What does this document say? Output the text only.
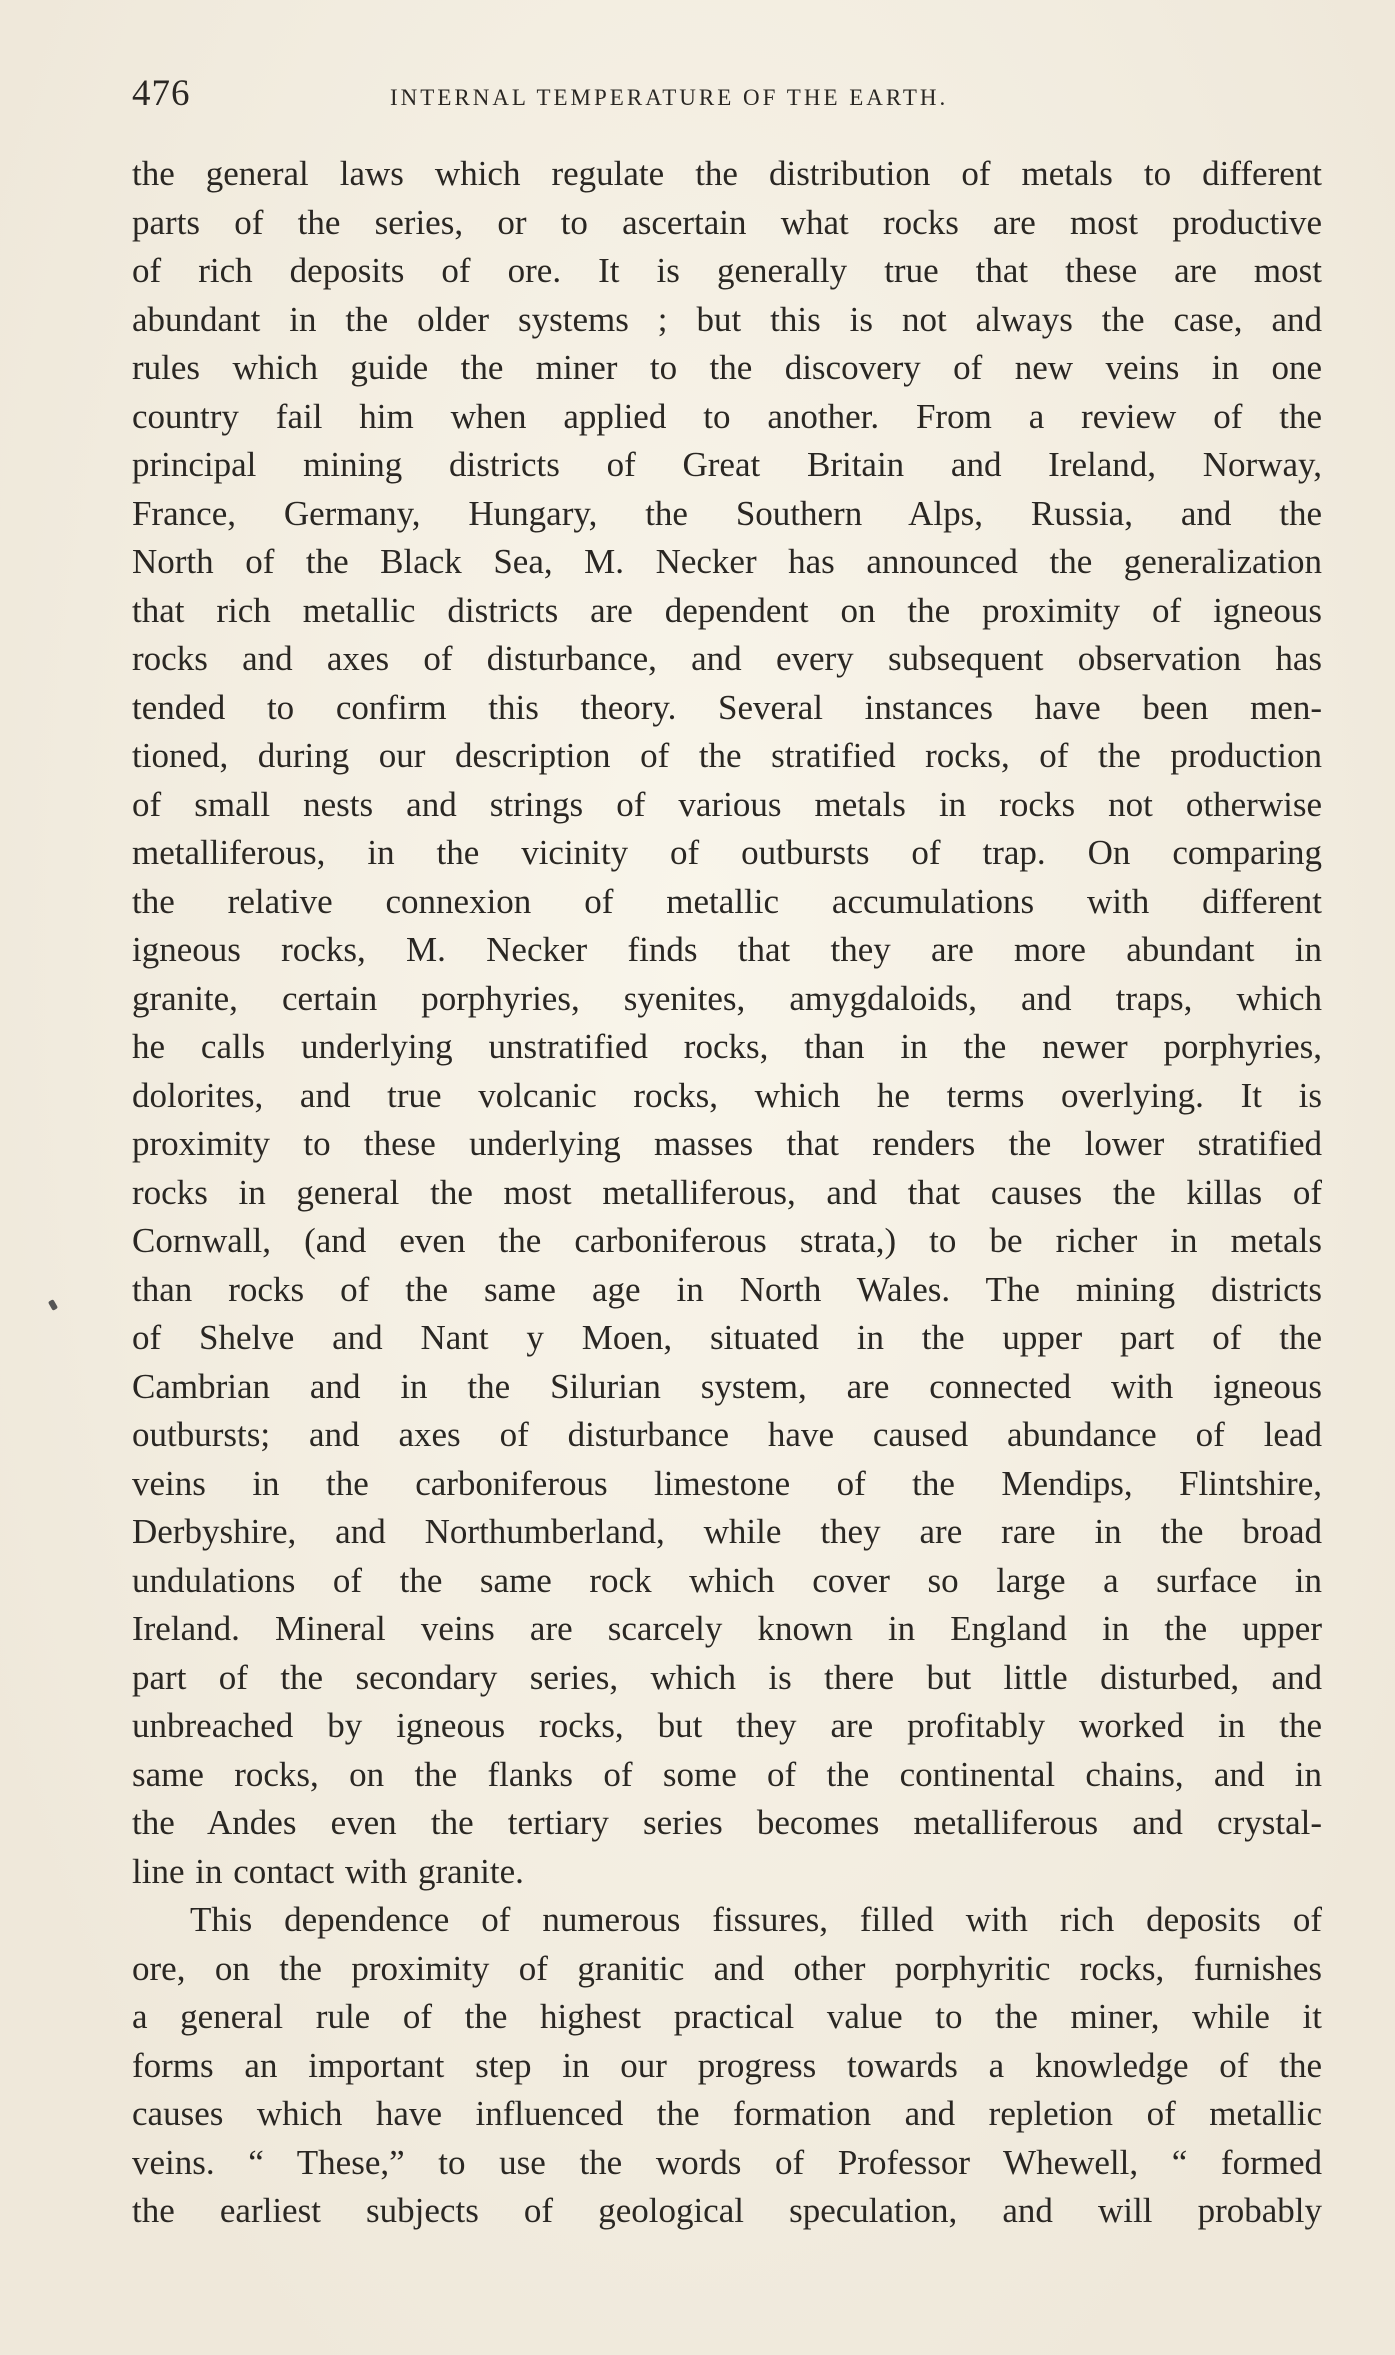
476	INTERNAL TEMPERATURE OF THE EARTH.
the general laws which regulate the distribution of metals to different
parts of the series, or to ascertain what rocks are most productive
of rich deposits of ore. It is generally true that these are most
abundant in the older systems ; but this is not always the case, and
rules which guide the miner to the discovery of new veins in one
country fail him when applied to another. From a review of the
principal mining districts of Great Britain and Ireland, Norway,
France, Germany, Hungary, the Southern Alps, Russia, and the
North of the Black Sea, M. Necker has announced the generalization
that rich metallic districts are dependent on the proximity of igneous
rocks and axes of disturbance, and every subsequent observation has
tended to confirm this theory. Several instances have been men-
tioned, during our description of the stratified rocks, of the production
of small nests and strings of various metals in rocks not otherwise
metalliferous, in the vicinity of outbursts of trap. On comparing
the relative connexion of metallic accumulations with different
igneous rocks, M. Necker finds that they are more abundant in
granite, certain porphyries, syenites, amygdaloids, and traps, which
he calls underlying unstratified rocks, than in the newer porphyries,
dolorites, and true volcanic rocks, which he terms overlying. It is
proximity to these underlying masses that renders the lower stratified
rocks in general the most metalliferous, and that causes the killas of
Cornwall, (and even the carboniferous strata,) to be richer in metals
than rocks of the same age in North Wales. The mining districts
of Shelve and Nant y Moen, situated in the upper part of the
Cambrian and in the Silurian system, are connected with igneous
outbursts; and axes of disturbance have caused abundance of lead
veins in the carboniferous limestone of the Mendips, Flintshire,
Derbyshire, and Northumberland, while they are rare in the broad
undulations of the same rock which cover so large a surface in
Ireland. Mineral veins are scarcely known in England in the upper
part of the secondary series, which is there but little disturbed, and
unbreached by igneous rocks, but they are profitably worked in the
same rocks, on the flanks of some of the continental chains, and in
the Andes even the tertiary series becomes metalliferous and crystal-
line in contact with granite.
This dependence of numerous fissures, filled with rich deposits of
ore, on the proximity of granitic and other porphyritic rocks, furnishes
a general rule of the highest practical value to the miner, while it
forms an important step in our progress towards a knowledge of the
causes which have influenced the formation and repletion of metallic
veins. “ These,” to use the words of Professor Whewell, “ formed
the earliest subjects of geological speculation, and will probably
